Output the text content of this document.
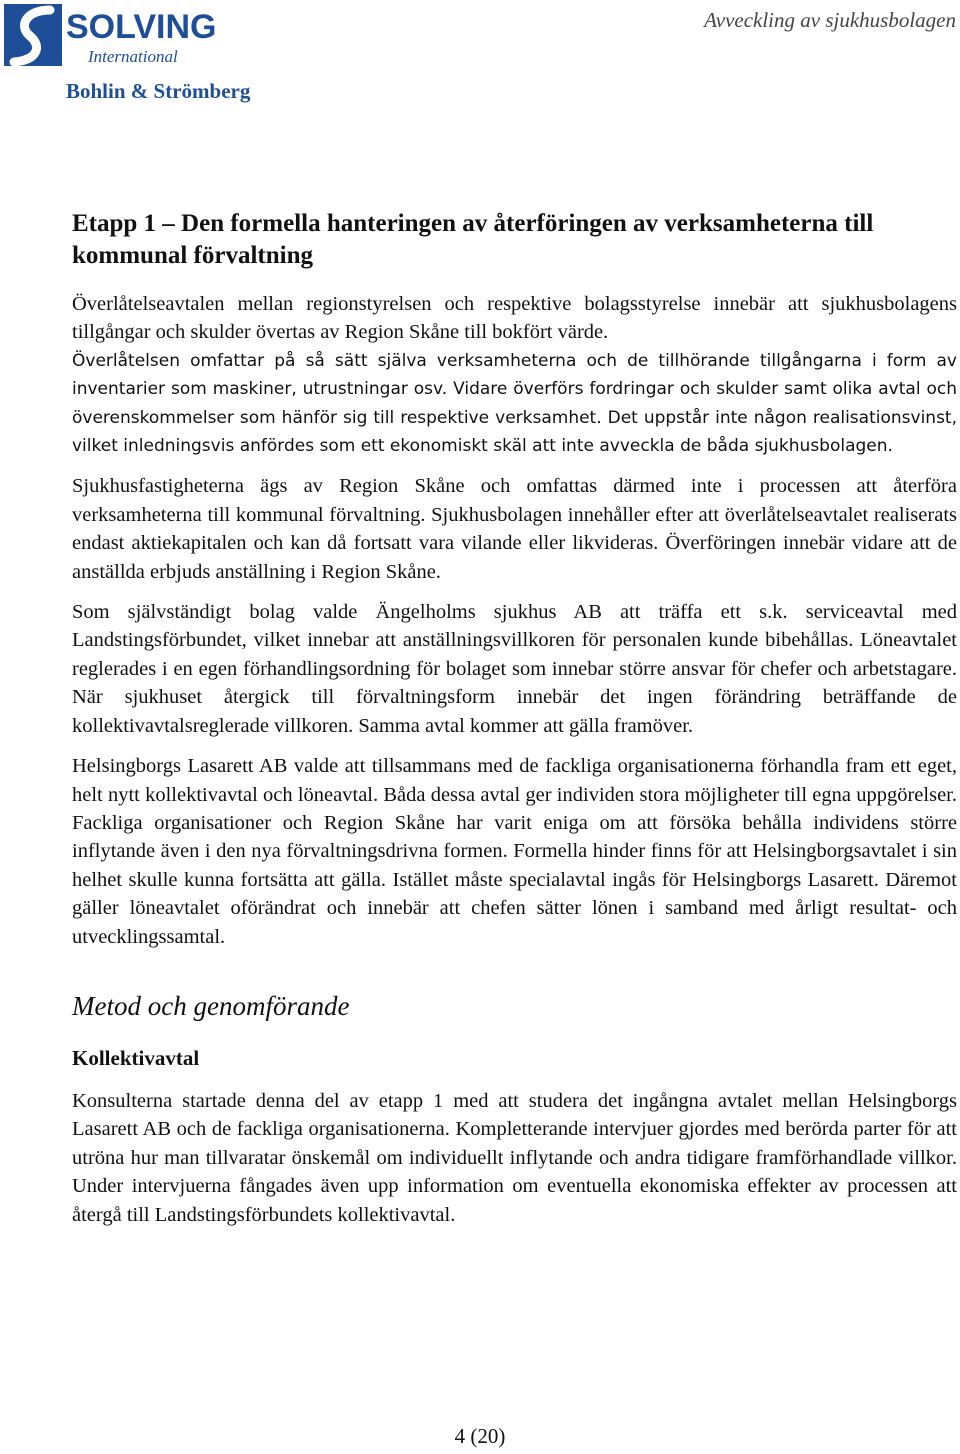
SOLVING
International
Bohlin & Strömberg
Avveckling av sjukhusbolagen
Etapp 1 – Den formella hanteringen av återföringen av verksamheterna till kommunal förvaltning

Överlåtelseavtalen mellan regionstyrelsen och respektive bolagsstyrelse innebär att sjukhusbolagens tillgångar och skulder övertas av Region Skåne till bokfört värde.

Överlåtelsen omfattar på så sätt själva verksamheterna och de tillhörande tillgångarna i form av inventarier som maskiner, utrustningar osv. Vidare överförs fordringar och skulder samt olika avtal och överenskommelser som hänför sig till respektive verksamhet. Det uppstår inte någon realisationsvinst, vilket inledningsvis anfördes som ett ekonomiskt skäl att inte avveckla de båda sjukhusbolagen.

Sjukhusfastigheterna ägs av Region Skåne och omfattas därmed inte i processen att återföra verksamheterna till kommunal förvaltning. Sjukhusbolagen innehåller efter att överlåtelseavtalet realiserats endast aktiekapitalen och kan då fortsatt vara vilande eller likvideras. Överföringen innebär vidare att de anställda erbjuds anställning i Region Skåne.

Som självständigt bolag valde Ängelholms sjukhus AB att träffa ett s.k. serviceavtal med Landstingsförbundet, vilket innebar att anställningsvillkoren för personalen kunde bibehållas. Löneavtalet reglerades i en egen förhandlingsordning för bolaget som innebar större ansvar för chefer och arbetstagare. När sjukhuset återgick till förvaltningsform innebär det ingen förändring beträffande de kollektivavtalsreglerade villkoren. Samma avtal kommer att gälla framöver.

Helsingborgs Lasarett AB valde att tillsammans med de fackliga organisationerna förhandla fram ett eget, helt nytt kollektivavtal och löneavtal. Båda dessa avtal ger individen stora möjligheter till egna uppgörelser. Fackliga organisationer och Region Skåne har varit eniga om att försöka behålla individens större inflytande även i den nya förvaltningsdrivna formen. Formella hinder finns för att Helsingborgsavtalet i sin helhet skulle kunna fortsätta att gälla. Istället måste specialavtal ingås för Helsingborgs Lasarett. Däremot gäller löneavtalet oförändrat och innebär att chefen sätter lönen i samband med årligt resultat- och utvecklingssamtal.

Metod och genomförande
Kollektivavtal

Konsulterna startade denna del av etapp 1 med att studera det ingångna avtalet mellan Helsingborgs Lasarett AB och de fackliga organisationerna. Kompletterande intervjuer gjordes med berörda parter för att utröna hur man tillvaratar önskemål om individuellt inflytande och andra tidigare framförhandlade villkor. Under intervjuerna fångades även upp information om eventuella ekonomiska effekter av processen att återgå till Landstingsförbundets kollektivavtal.

4 (20)
